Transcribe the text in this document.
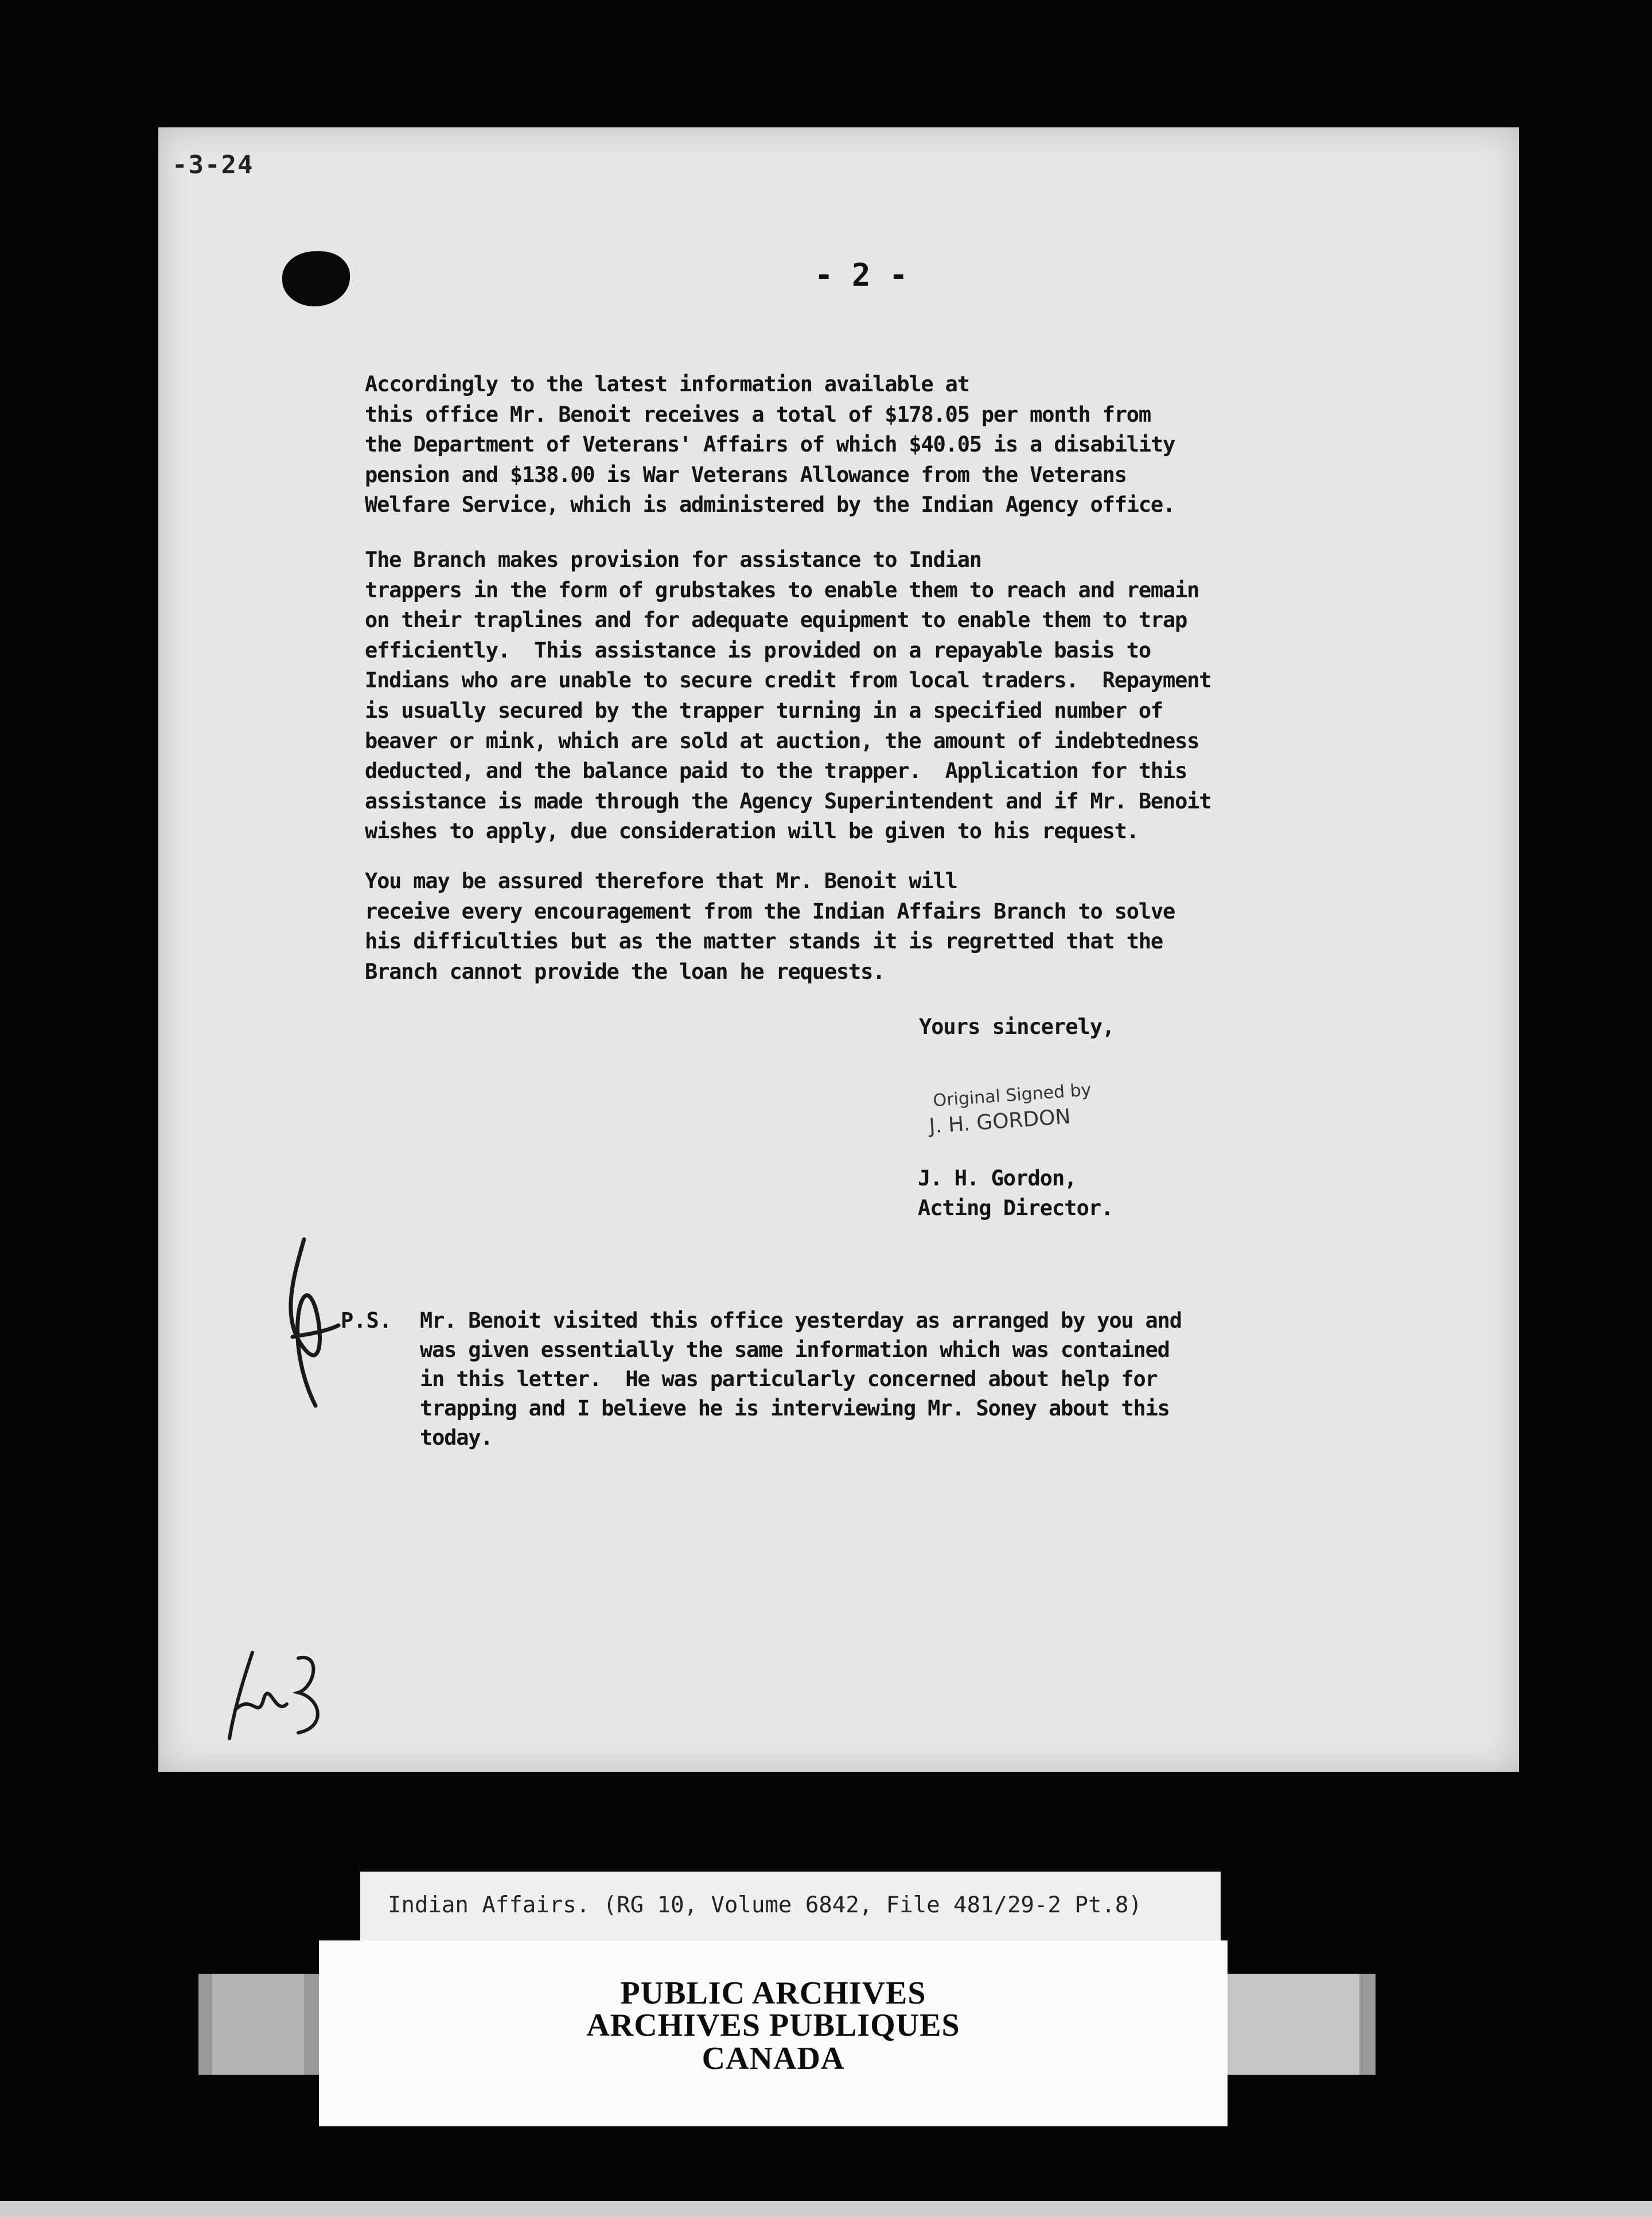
-3-24
- 2 -
Accordingly to the latest information available at
this office Mr. Benoit receives a total of $178.05 per month from
the Department of Veterans' Affairs of which $40.05 is a disability
pension and $138.00 is War Veterans Allowance from the Veterans
Welfare Service, which is administered by the Indian Agency office.
The Branch makes provision for assistance to Indian
trappers in the form of grubstakes to enable them to reach and remain
on their traplines and for adequate equipment to enable them to trap
efficiently.  This assistance is provided on a repayable basis to
Indians who are unable to secure credit from local traders.  Repayment
is usually secured by the trapper turning in a specified number of
beaver or mink, which are sold at auction, the amount of indebtedness
deducted, and the balance paid to the trapper.  Application for this
assistance is made through the Agency Superintendent and if Mr. Benoit
wishes to apply, due consideration will be given to his request.
You may be assured therefore that Mr. Benoit will
receive every encouragement from the Indian Affairs Branch to solve
his difficulties but as the matter stands it is regretted that the
Branch cannot provide the loan he requests.
Yours sincerely,
Original Signed by
J. H. GORDON
J. H. Gordon,
Acting Director.
P.S. Mr. Benoit visited this office yesterday as arranged by you and
was given essentially the same information which was contained
in this letter.  He was particularly concerned about help for
trapping and I believe he is interviewing Mr. Soney about this
today.
Indian Affairs. (RG 10, Volume 6842, File 481/29-2 Pt.8)
PUBLIC ARCHIVES
ARCHIVES PUBLIQUES
CANADA
